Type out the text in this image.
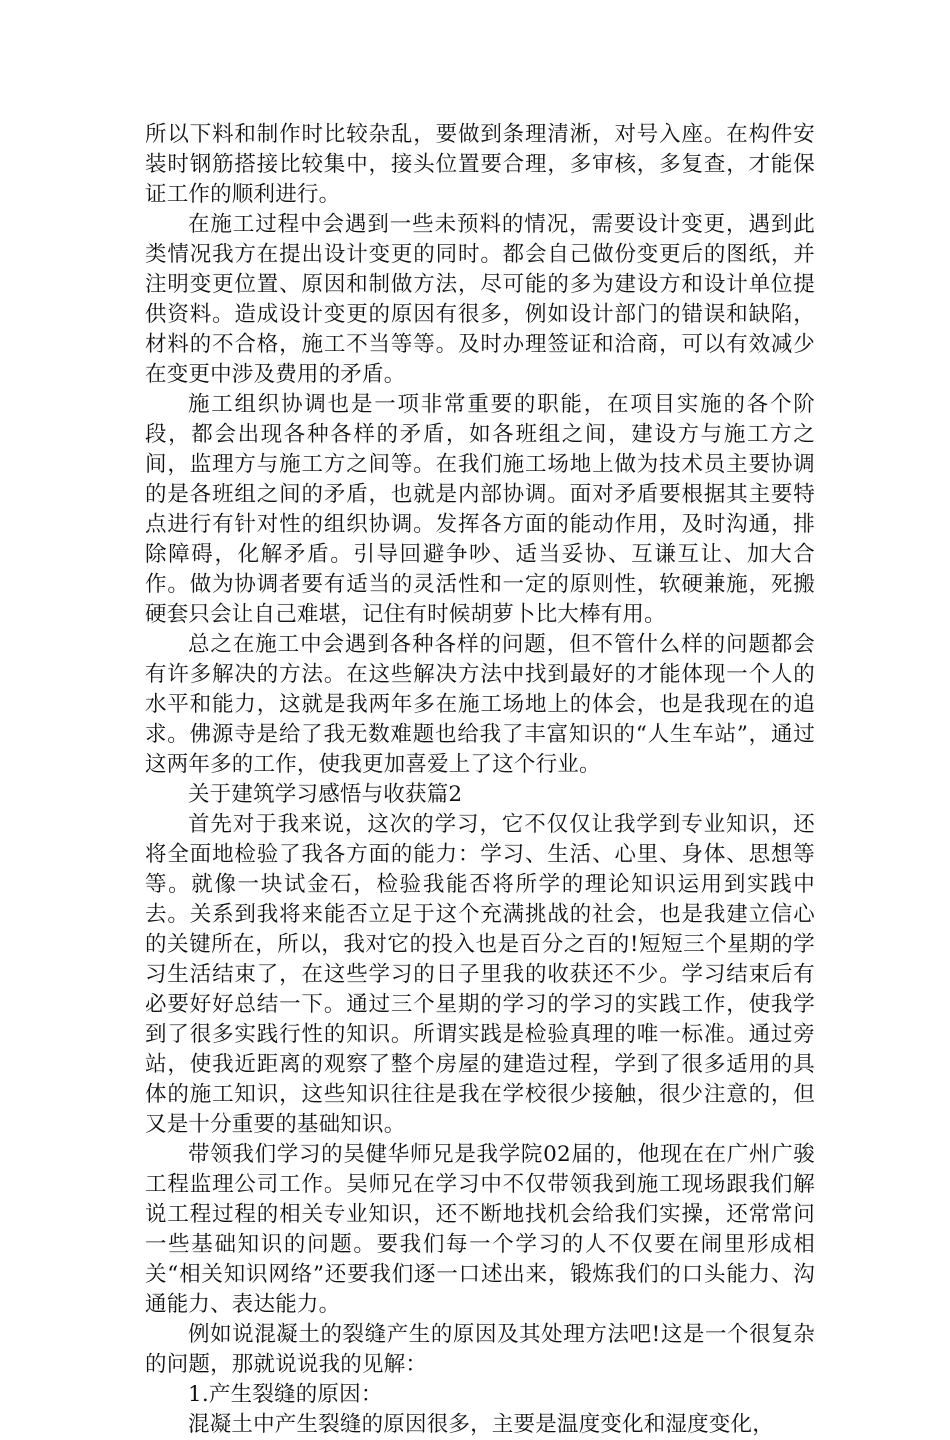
所以下料和制作时比较杂乱，要做到条理清淅，对号入座。在构件安装时钢筋搭接比较集中，接头位置要合理，多审核，多复查，才能保证工作的顺利进行。

在施工过程中会遇到一些未预料的情况，需要设计变更，遇到此类情况我方在提出设计变更的同时。都会自己做份变更后的图纸，并注明变更位置、原因和制做方法，尽可能的多为建设方和设计单位提供资料。造成设计变更的原因有很多，例如设计部门的错误和缺陷，材料的不合格，施工不当等等。及时办理签证和洽商，可以有效减少在变更中涉及费用的矛盾。

施工组织协调也是一项非常重要的职能，在项目实施的各个阶段，都会出现各种各样的矛盾，如各班组之间，建设方与施工方之间，监理方与施工方之间等。在我们施工场地上做为技术员主要协调的是各班组之间的矛盾，也就是内部协调。面对矛盾要根据其主要特点进行有针对性的组织协调。发挥各方面的能动作用，及时沟通，排除障碍，化解矛盾。引导回避争吵、适当妥协、互谦互让、加大合作。做为协调者要有适当的灵活性和一定的原则性，软硬兼施，死搬硬套只会让自己难堪，记住有时候胡萝卜比大棒有用。

总之在施工中会遇到各种各样的问题，但不管什么样的问题都会有许多解决的方法。在这些解决方法中找到最好的才能体现一个人的水平和能力，这就是我两年多在施工场地上的体会，也是我现在的追求。佛源寺是给了我无数难题也给我了丰富知识的“人生车站”，通过这两年多的工作，使我更加喜爱上了这个行业。

关于建筑学习感悟与收获篇2

首先对于我来说，这次的学习，它不仅仅让我学到专业知识，还将全面地检验了我各方面的能力：学习、生活、心里、身体、思想等等。就像一块试金石，检验我能否将所学的理论知识运用到实践中去。关系到我将来能否立足于这个充满挑战的社会，也是我建立信心的关键所在，所以，我对它的投入也是百分之百的!短短三个星期的学习生活结束了，在这些学习的日子里我的收获还不少。学习结束后有必要好好总结一下。通过三个星期的学习的学习的实践工作，使我学到了很多实践行性的知识。所谓实践是检验真理的唯一标准。通过旁站，使我近距离的观察了整个房屋的建造过程，学到了很多适用的具体的施工知识，这些知识往往是我在学校很少接触，很少注意的，但又是十分重要的基础知识。

带领我们学习的吴健华师兄是我学院02届的，他现在在广州广骏工程监理公司工作。吴师兄在学习中不仅带领我到施工现场跟我们解说工程过程的相关专业知识，还不断地找机会给我们实操，还常常问一些基础知识的问题。要我们每一个学习的人不仅要在闹里形成相关“相关知识网络”还要我们逐一口述出来，锻炼我们的口头能力、沟通能力、表达能力。

例如说混凝土的裂缝产生的原因及其处理方法吧!这是一个很复杂的问题，那就说说我的见解：

1.产生裂缝的原因：

混凝土中产生裂缝的原因很多，主要是温度变化和湿度变化，
